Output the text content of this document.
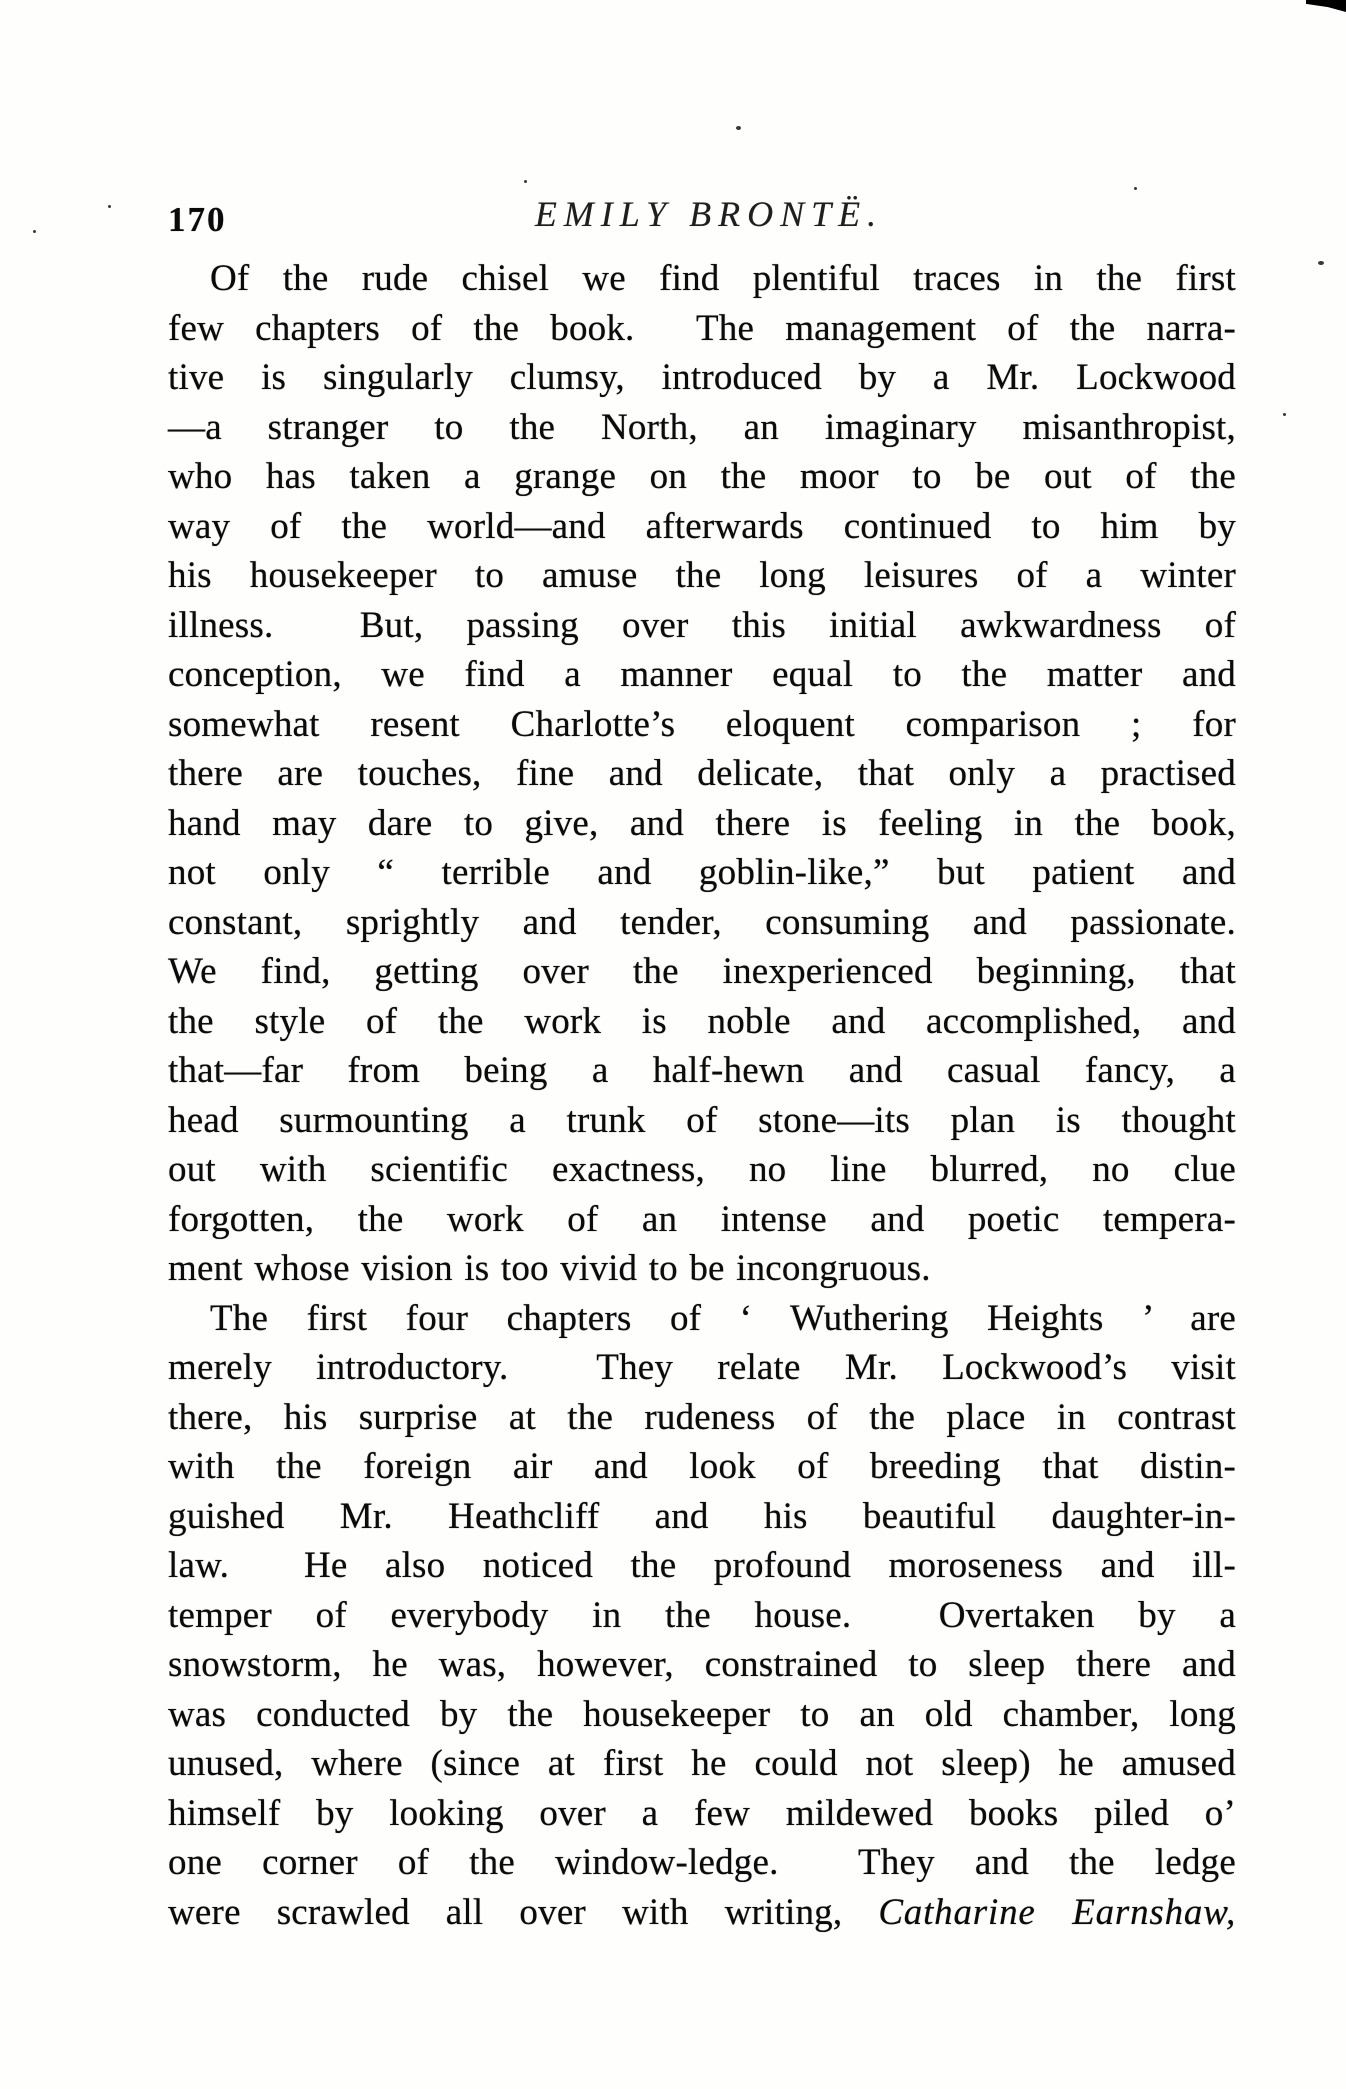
170	EMILY BRONTË.
Of the rude chisel we find plentiful traces in the first
few chapters of the book.  The management of the narra-
tive is singularly clumsy, introduced by a Mr. Lockwood
—a stranger to the North, an imaginary misanthropist,
who has taken a grange on the moor to be out of the
way of the world—and afterwards continued to him by
his housekeeper to amuse the long leisures of a winter
illness.  But, passing over this initial awkwardness of
conception, we find a manner equal to the matter and
somewhat resent Charlotte’s eloquent comparison ; for
there are touches, fine and delicate, that only a practised
hand may dare to give, and there is feeling in the book,
not only “ terrible and goblin-like,” but patient and
constant, sprightly and tender, consuming and passionate.
We find, getting over the inexperienced beginning, that
the style of the work is noble and accomplished, and
that—far from being a half-hewn and casual fancy, a
head surmounting a trunk of stone—its plan is thought
out with scientific exactness, no line blurred, no clue
forgotten, the work of an intense and poetic tempera-
ment whose vision is too vivid to be incongruous.
The first four chapters of ‘ Wuthering Heights ’ are
merely introductory.  They relate Mr. Lockwood’s visit
there, his surprise at the rudeness of the place in contrast
with the foreign air and look of breeding that distin-
guished Mr. Heathcliff and his beautiful daughter-in-
law.  He also noticed the profound moroseness and ill-
temper of everybody in the house.  Overtaken by a
snowstorm, he was, however, constrained to sleep there and
was conducted by the housekeeper to an old chamber, long
unused, where (since at first he could not sleep) he amused
himself by looking over a few mildewed books piled o’
one corner of the window-ledge.  They and the ledge
were scrawled all over with writing, Catharine Earnshaw,
